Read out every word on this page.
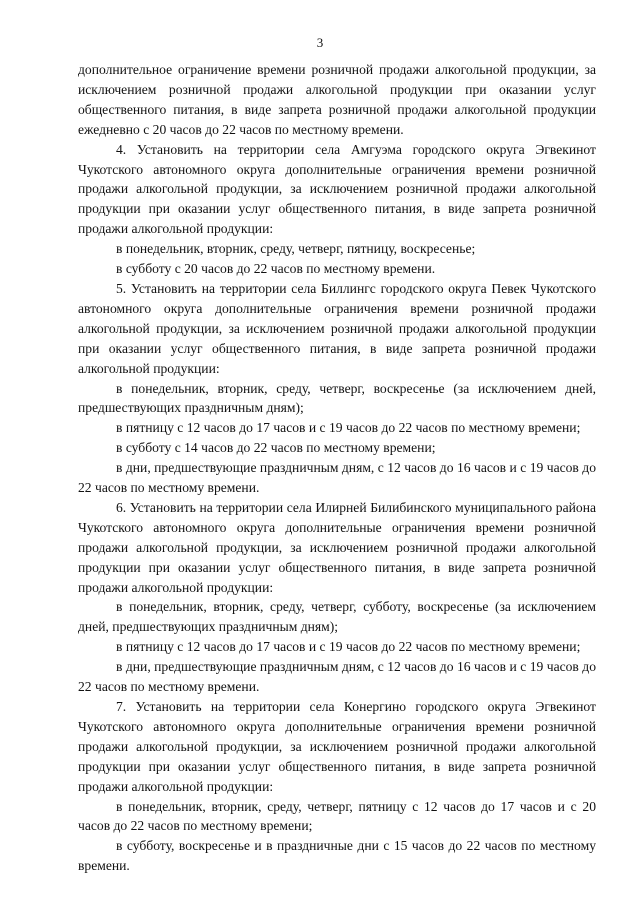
3

дополнительное ограничение времени розничной продажи алкогольной продукции, за исключением розничной продажи алкогольной продукции при оказании услуг общественного питания, в виде запрета розничной продажи алкогольной продукции ежедневно с 20 часов до 22 часов по местному времени.

4. Установить на территории села Амгуэма городского округа Эгвекинот Чукотского автономного округа дополнительные ограничения времени розничной продажи алкогольной продукции, за исключением розничной продажи алкогольной продукции при оказании услуг общественного питания, в виде запрета розничной продажи алкогольной продукции:

в понедельник, вторник, среду, четверг, пятницу, воскресенье;

в субботу с 20 часов до 22 часов по местному времени.

5. Установить на территории села Биллингс городского округа Певек Чукотского автономного округа дополнительные ограничения времени розничной продажи алкогольной продукции, за исключением розничной продажи алкогольной продукции при оказании услуг общественного питания, в виде запрета розничной продажи алкогольной продукции:

в понедельник, вторник, среду, четверг, воскресенье (за исключением дней, предшествующих праздничным дням);

в пятницу с 12 часов до 17 часов и с 19 часов до 22 часов по местному времени;

в субботу с 14 часов до 22 часов по местному времени;

в дни, предшествующие праздничным дням, с 12 часов до 16 часов и с 19 часов до 22 часов по местному времени.

6. Установить на территории села Илирней Билибинского муниципального района Чукотского автономного округа дополнительные ограничения времени розничной продажи алкогольной продукции, за исключением розничной продажи алкогольной продукции при оказании услуг общественного питания, в виде запрета розничной продажи алкогольной продукции:

в понедельник, вторник, среду, четверг, субботу, воскресенье (за исключением дней, предшествующих праздничным дням);

в пятницу с 12 часов до 17 часов и с 19 часов до 22 часов по местному времени;

в дни, предшествующие праздничным дням, с 12 часов до 16 часов и с 19 часов до 22 часов по местному времени.

7. Установить на территории села Конергино городского округа Эгвекинот Чукотского автономного округа дополнительные ограничения времени розничной продажи алкогольной продукции, за исключением розничной продажи алкогольной продукции при оказании услуг общественного питания, в виде запрета розничной продажи алкогольной продукции:

в понедельник, вторник, среду, четверг, пятницу с 12 часов до 17 часов и с 20 часов до 22 часов по местному времени;

в субботу, воскресенье и в праздничные дни с 15 часов до 22 часов по местному времени.
